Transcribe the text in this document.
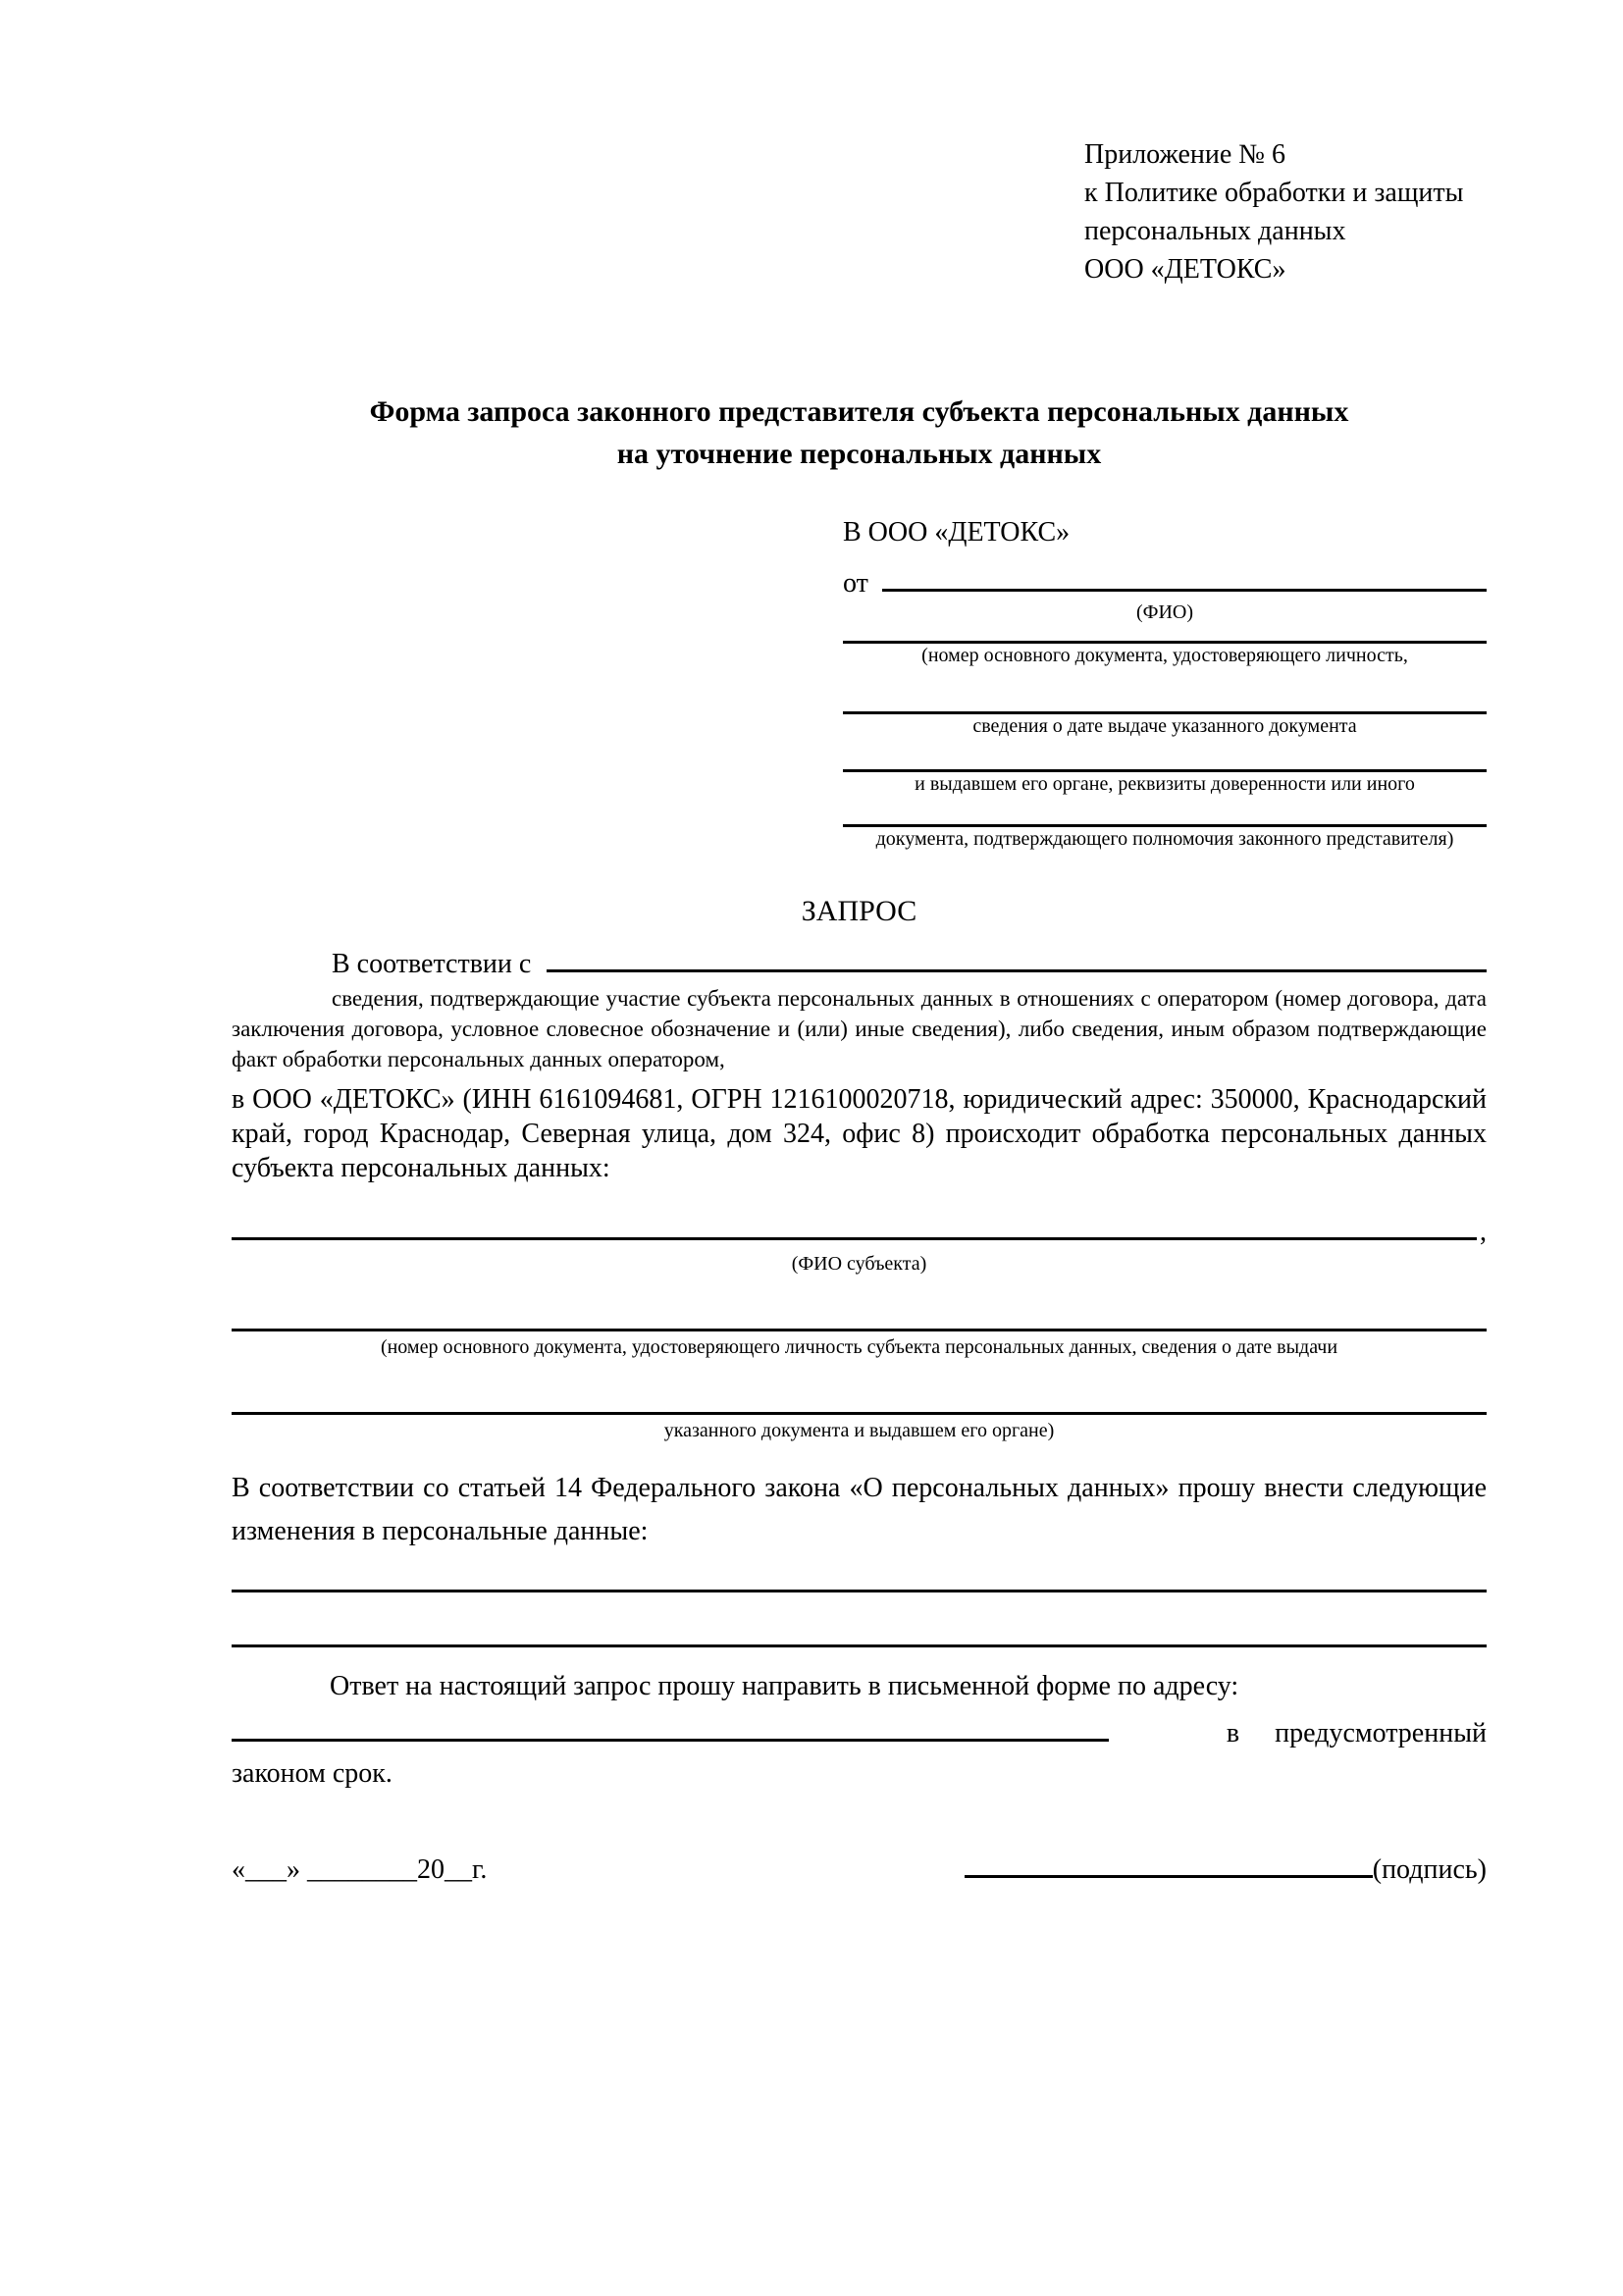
Приложение № 6
к Политике обработки и защиты
персональных данных
ООО «ДЕТОКС»
Форма запроса законного представителя субъекта персональных данных
на уточнение персональных данных
В ООО «ДЕТОКС»
от
(ФИО)
(номер основного документа, удостоверяющего личность,
сведения о дате выдаче указанного документа
и выдавшем его органе, реквизиты доверенности или иного
документа, подтверждающего полномочия законного представителя)
ЗАПРОС
В соответствии с
сведения, подтверждающие участие субъекта персональных данных в отношениях с оператором (номер договора, дата заключения договора, условное словесное обозначение и (или) иные сведения), либо сведения, иным образом подтверждающие факт обработки персональных данных оператором,
в ООО «ДЕТОКС» (ИНН 6161094681, ОГРН 1216100020718, юридический адрес: 350000, Краснодарский край, город Краснодар, Северная улица, дом 324, офис 8) происходит обработка персональных данных субъекта персональных данных:
,
(ФИО субъекта)
(номер основного документа, удостоверяющего личность субъекта персональных данных, сведения о дате выдачи
указанного документа и выдавшем его органе)
В соответствии со статьей 14 Федерального закона «О персональных данных» прошу внести следующие изменения в персональные данные:
Ответ на настоящий запрос прошу направить в письменной форме по адресу:
в предусмотренный
законом срок.
«___» ________20__г.	(подпись)
